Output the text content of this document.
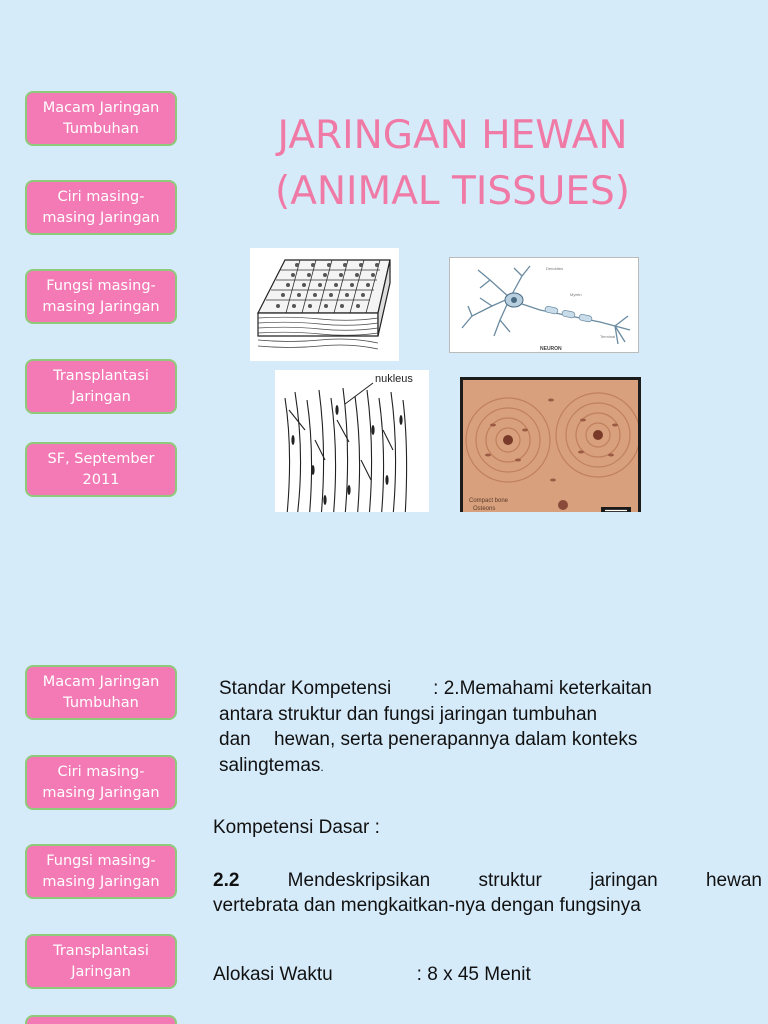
Macam Jaringan
Tumbuhan
Ciri masing-
masing Jaringan
Fungsi masing-
masing Jaringan
Transplantasi
Jaringan
SF, September
2011
JARINGAN HEWAN
(ANIMAL TISSUES)
Dendrites
Myelin
Terminal
NEURON
nukleus
Compact bone
Osteons
Macam Jaringan
Tumbuhan
Ciri masing-
masing Jaringan
Fungsi masing-
masing Jaringan
Transplantasi
Jaringan

Standar Kompetensi : 2.Memahami keterkaitan

antara struktur dan fungsi jaringan tumbuhan

dan hewan, serta penerapannya dalam konteks

salingtemas.

Kompetensi Dasar :
2.2	Mendeskripsikan	struktur	jaringan	hewan
vertebrata dan mengkaitkan-nya dengan fungsinya
Alokasi Waktu	: 8 x 45 Menit
